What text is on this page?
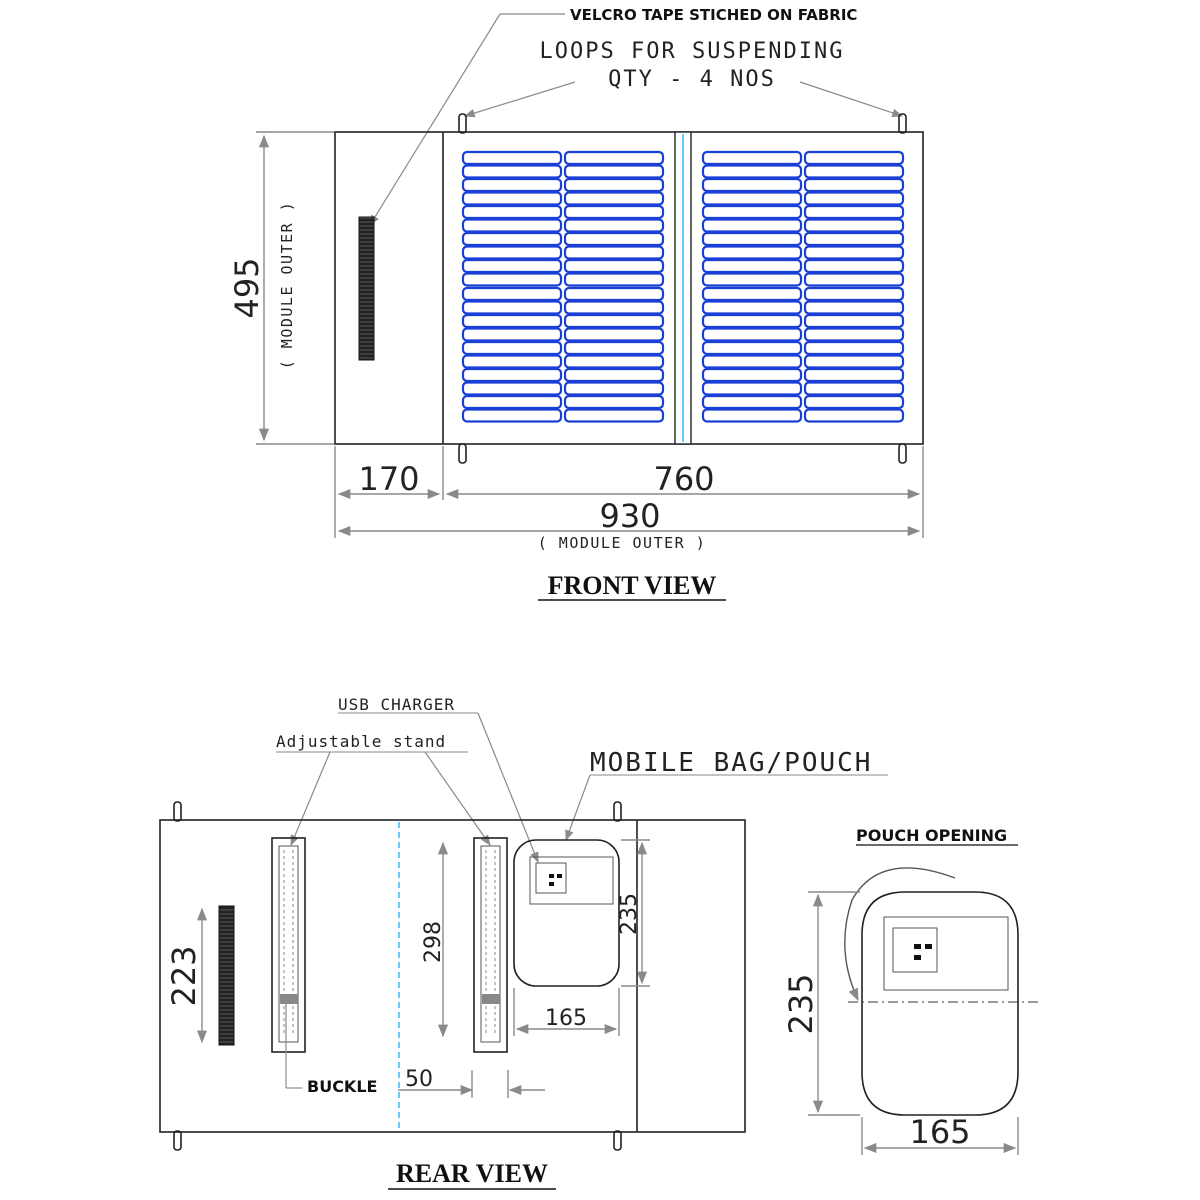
VELCRO TAPE STICHED ON FABRIC
LOOPS FOR SUSPENDING
QTY - 4 NOS
495 ( MODULE OUTER )
170	760
930
( MODULE OUTER )
FRONT VIEW
USB CHARGER
Adjustable stand
MOBILE BAG/POUCH
223
298
BUCKLE 50
235
165
REAR VIEW
POUCH OPENING
235
165
